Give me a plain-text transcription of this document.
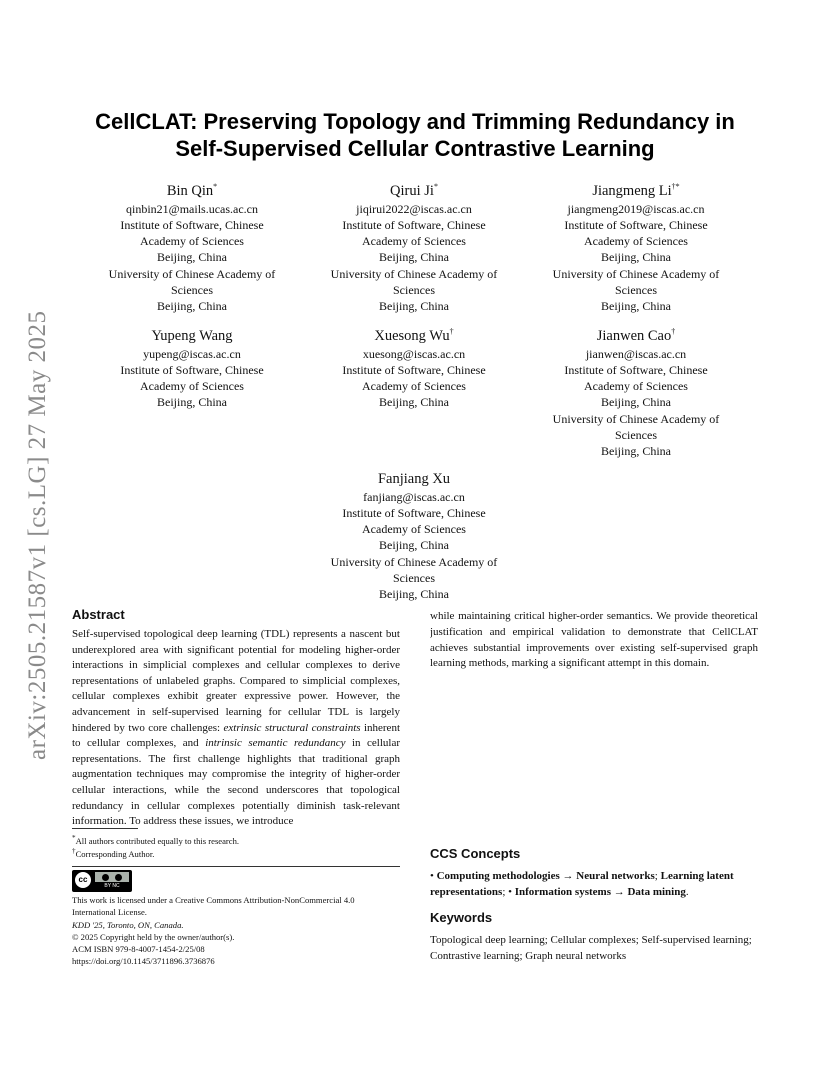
arXiv:2505.21587v1 [cs.LG] 27 May 2025
CellCLAT: Preserving Topology and Trimming Redundancy in
Self-Supervised Cellular Contrastive Learning
Bin Qin*
qinbin21@mails.ucas.ac.cn
Institute of Software, Chinese
Academy of Sciences
Beijing, China
University of Chinese Academy of
Sciences
Beijing, China
Qirui Ji*
jiqirui2022@iscas.ac.cn
Institute of Software, Chinese
Academy of Sciences
Beijing, China
University of Chinese Academy of
Sciences
Beijing, China
Jiangmeng Li†*
jiangmeng2019@iscas.ac.cn
Institute of Software, Chinese
Academy of Sciences
Beijing, China
University of Chinese Academy of
Sciences
Beijing, China
Yupeng Wang
yupeng@iscas.ac.cn
Institute of Software, Chinese
Academy of Sciences
Beijing, China
Xuesong Wu†
xuesong@iscas.ac.cn
Institute of Software, Chinese
Academy of Sciences
Beijing, China
Jianwen Cao†
jianwen@iscas.ac.cn
Institute of Software, Chinese
Academy of Sciences
Beijing, China
University of Chinese Academy of
Sciences
Beijing, China
Fanjiang Xu
fanjiang@iscas.ac.cn
Institute of Software, Chinese
Academy of Sciences
Beijing, China
University of Chinese Academy of
Sciences
Beijing, China
Abstract

Self-supervised topological deep learning (TDL) represents a nascent but underexplored area with significant potential for modeling higher-order interactions in simplicial complexes and cellular complexes to derive representations of unlabeled graphs. Compared to simplicial complexes, cellular complexes exhibit greater expressive power. However, the advancement in self-supervised learning for cellular TDL is largely hindered by two core challenges: extrinsic structural constraints inherent to cellular complexes, and intrinsic semantic redundancy in cellular representations. The first challenge highlights that traditional graph augmentation techniques may compromise the integrity of higher-order cellular interactions, while the second underscores that topological redundancy in cellular complexes potentially diminish task-relevant information. To address these issues, we introduce

*All authors contributed equally to this research.
†Corresponding Author.
cc
BY NC
This work is licensed under a Creative Commons Attribution-NonCommercial 4.0
International License.
KDD '25, Toronto, ON, Canada.
© 2025 Copyright held by the owner/author(s).
ACM ISBN 979-8-4007-1454-2/25/08
https://doi.org/10.1145/3711896.3736876

while maintaining critical higher-order semantics. We provide theoretical justification and empirical validation to demonstrate that CellCLAT achieves substantial improvements over existing self-supervised graph learning methods, marking a significant attempt in this domain.

CCS Concepts

• Computing methodologies → Neural networks; Learning latent representations; • Information systems → Data mining.

Keywords

Topological deep learning; Cellular complexes; Self-supervised learning; Contrastive learning; Graph neural networks
